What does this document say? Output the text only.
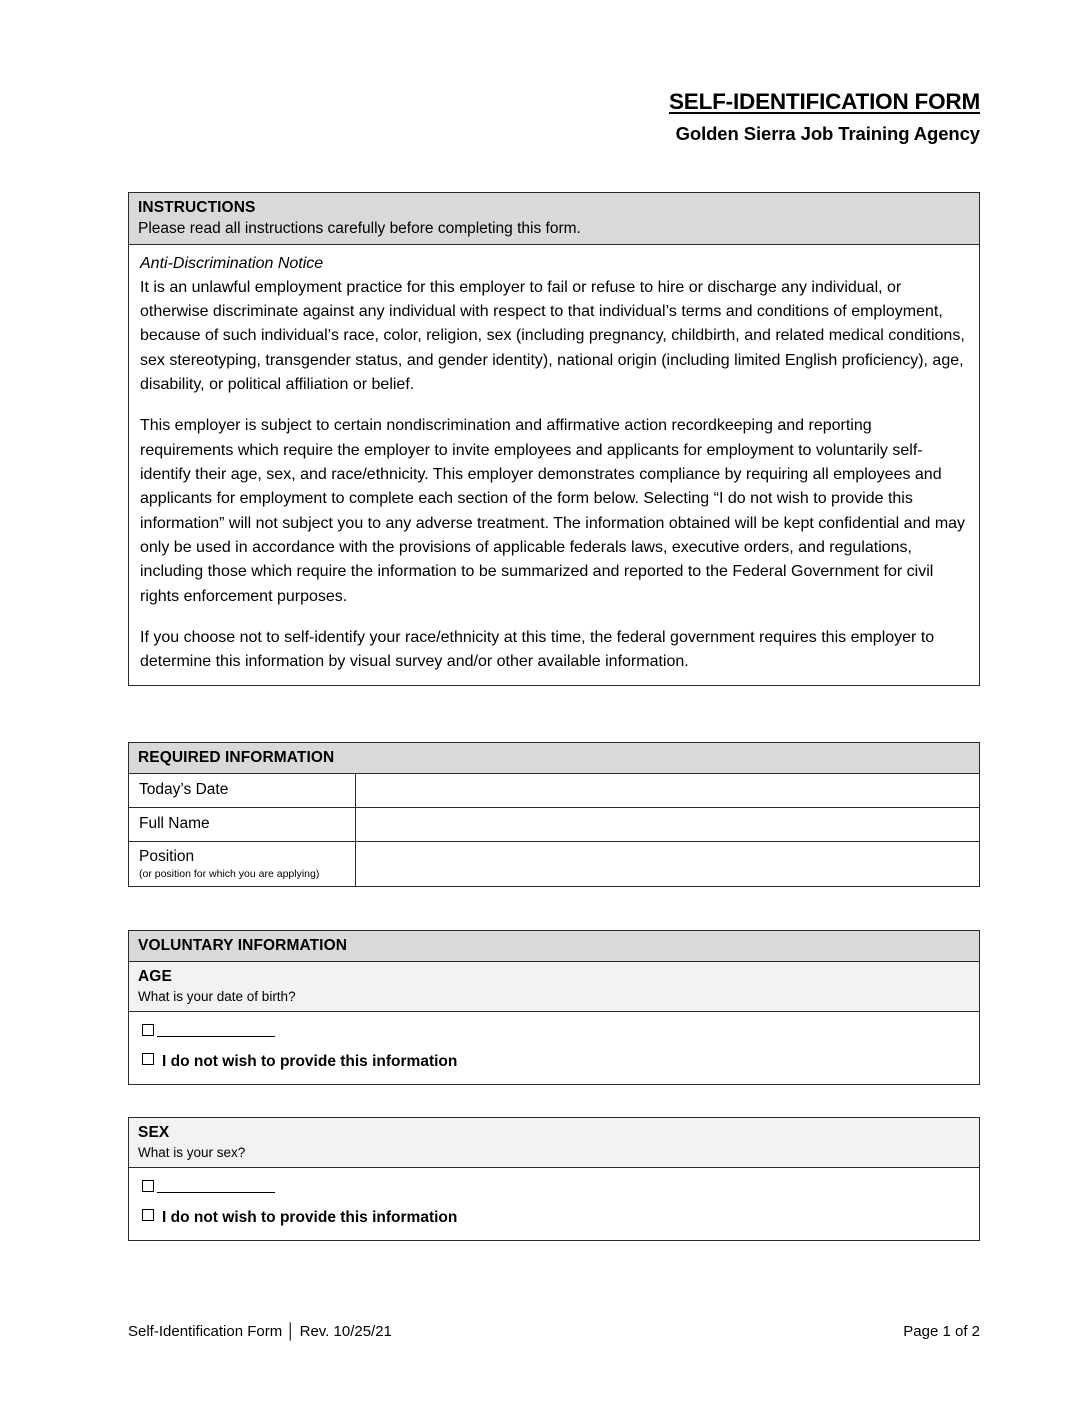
SELF-IDENTIFICATION FORM
Golden Sierra Job Training Agency
INSTRUCTIONS
Please read all instructions carefully before completing this form.

Anti-Discrimination Notice

It is an unlawful employment practice for this employer to fail or refuse to hire or discharge any individual, or otherwise discriminate against any individual with respect to that individual’s terms and conditions of employment, because of such individual’s race, color, religion, sex (including pregnancy, childbirth, and related medical conditions, sex stereotyping, transgender status, and gender identity), national origin (including limited English proficiency), age, disability, or political affiliation or belief.

This employer is subject to certain nondiscrimination and affirmative action recordkeeping and reporting requirements which require the employer to invite employees and applicants for employment to voluntarily self-identify their age, sex, and race/ethnicity. This employer demonstrates compliance by requiring all employees and applicants for employment to complete each section of the form below. Selecting “I do not wish to provide this information” will not subject you to any adverse treatment. The information obtained will be kept confidential and may only be used in accordance with the provisions of applicable federals laws, executive orders, and regulations, including those which require the information to be summarized and reported to the Federal Government for civil rights enforcement purposes.

If you choose not to self-identify your race/ethnicity at this time, the federal government requires this employer to determine this information by visual survey and/or other available information.

REQUIRED INFORMATION
Today’s Date
Full Name
Position
(or position for which you are applying)
VOLUNTARY INFORMATION
AGE
What is your date of birth?
I do not wish to provide this information
SEX
What is your sex?
I do not wish to provide this information
Self-Identification Form │ Rev. 10/25/21	Page 1 of 2
